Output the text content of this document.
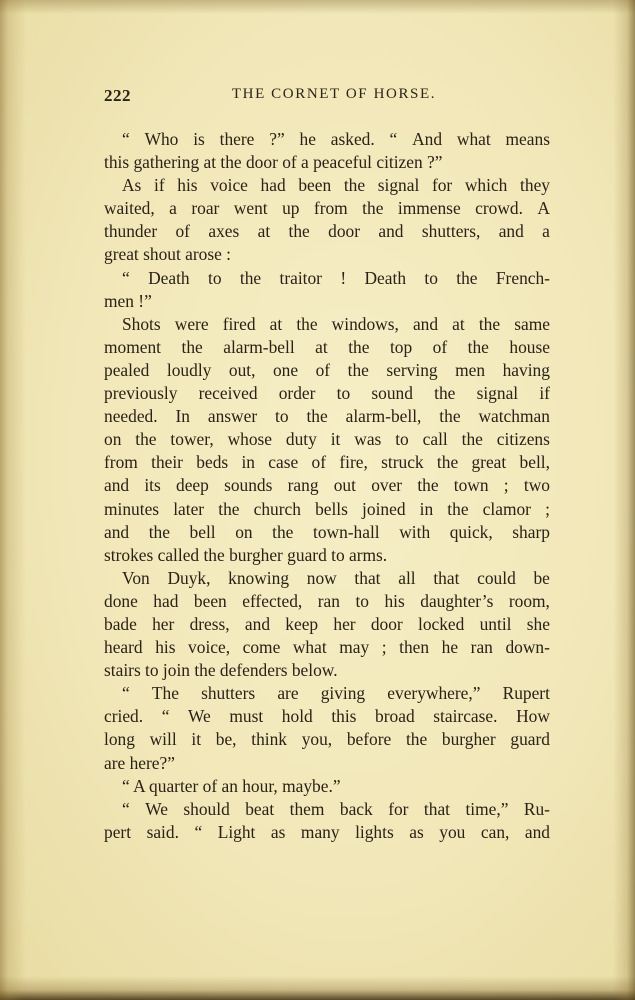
222	THE CORNET OF HORSE.
“ Who is there ?” he asked. “ And what means
this gathering at the door of a peaceful citizen ?”
As if his voice had been the signal for which they
waited, a roar went up from the immense crowd. A
thunder of axes at the door and shutters, and a
great shout arose :
“ Death to the traitor ! Death to the French-
men !”
Shots were fired at the windows, and at the same
moment the alarm-bell at the top of the house
pealed loudly out, one of the serving men having
previously received order to sound the signal if
needed. In answer to the alarm-bell, the watchman
on the tower, whose duty it was to call the citizens
from their beds in case of fire, struck the great bell,
and its deep sounds rang out over the town ; two
minutes later the church bells joined in the clamor ;
and the bell on the town-hall with quick, sharp
strokes called the burgher guard to arms.
Von Duyk, knowing now that all that could be
done had been effected, ran to his daughter’s room,
bade her dress, and keep her door locked until she
heard his voice, come what may ; then he ran down-
stairs to join the defenders below.
“ The shutters are giving everywhere,” Rupert
cried. “ We must hold this broad staircase. How
long will it be, think you, before the burgher guard
are here?”
“ A quarter of an hour, maybe.”
“ We should beat them back for that time,” Ru-
pert said. “ Light as many lights as you can, and
